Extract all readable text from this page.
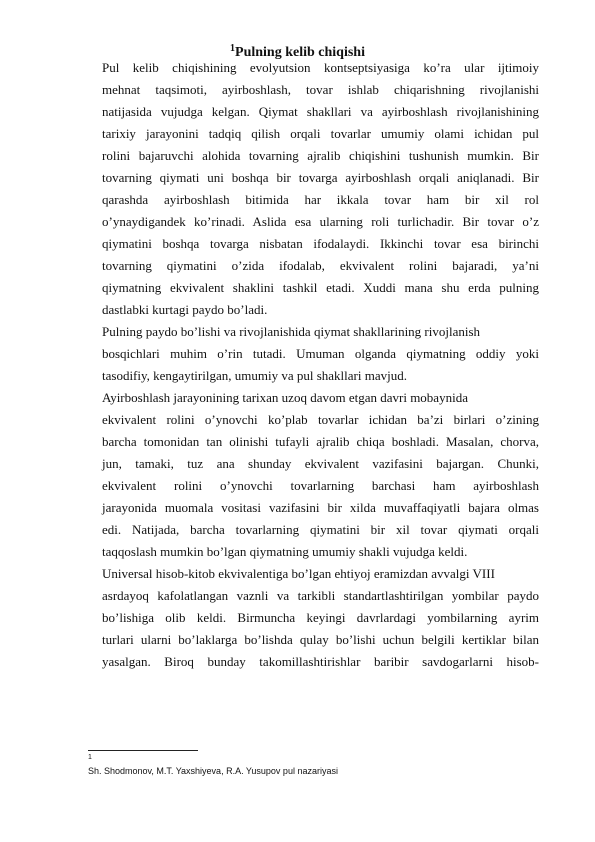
$^1$Pulning kelib chiqishi
Pul kelib chiqishining evolyutsion kontseptsiyasiga ko’ra ular ijtimoiy
mehnat taqsimoti, ayirboshlash, tovar ishlab chiqarishning rivojlanishi
natijasida vujudga kelgan. Qiymat shakllari va ayirboshlash rivojlanishining
tarixiy jarayonini tadqiq qilish orqali tovarlar umumiy olami ichidan pul
rolini bajaruvchi alohida tovarning ajralib chiqishini tushunish mumkin. Bir
tovarning qiymati uni boshqa bir tovarga ayirboshlash orqali aniqlanadi. Bir
qarashda ayirboshlash bitimida har ikkala tovar ham bir xil rol
o’ynaydigandek ko’rinadi. Aslida esa ularning roli turlichadir. Bir tovar o’z
qiymatini boshqa tovarga nisbatan ifodalaydi. Ikkinchi tovar esa birinchi
tovarning qiymatini o’zida ifodalab, ekvivalent rolini bajaradi, ya’ni
qiymatning ekvivalent shaklini tashkil etadi. Xuddi mana shu erda pulning
dastlabki kurtagi paydo bo’ladi.
Pulning paydo bo’lishi va rivojlanishida qiymat shakllarining rivojlanish
bosqichlari muhim o’rin tutadi. Umuman olganda qiymatning oddiy yoki
tasodifiy, kengaytirilgan, umumiy va pul shakllari mavjud.
Ayirboshlash jarayonining tarixan uzoq davom etgan davri mobaynida
ekvivalent rolini o’ynovchi ko’plab tovarlar ichidan ba’zi birlari o’zining
barcha tomonidan tan olinishi tufayli ajralib chiqa boshladi. Masalan, chorva,
jun, tamaki, tuz ana shunday ekvivalent vazifasini bajargan. Chunki,
ekvivalent rolini o’ynovchi tovarlarning barchasi ham ayirboshlash
jarayonida muomala vositasi vazifasini bir xilda muvaffaqiyatli bajara olmas
edi. Natijada, barcha tovarlarning qiymatini bir xil tovar qiymati orqali
taqqoslash mumkin bo’lgan qiymatning umumiy shakli vujudga keldi.
Universal hisob-kitob ekvivalentiga bo’lgan ehtiyoj eramizdan avvalgi VIII
asrdayoq kafolatlangan vaznli va tarkibli standartlashtirilgan yombilar paydo
bo’lishiga olib keldi. Birmuncha keyingi davrlardagi yombilarning ayrim
turlari ularni bo’laklarga bo’lishda qulay bo’lishi uchun belgili kertiklar bilan
yasalgan. Biroq bunday takomillashtirishlar baribir savdogarlarni hisob-
1
Sh. Shodmonov, M.T. Yaxshiyeva, R.A. Yusupov pul nazariyasi
